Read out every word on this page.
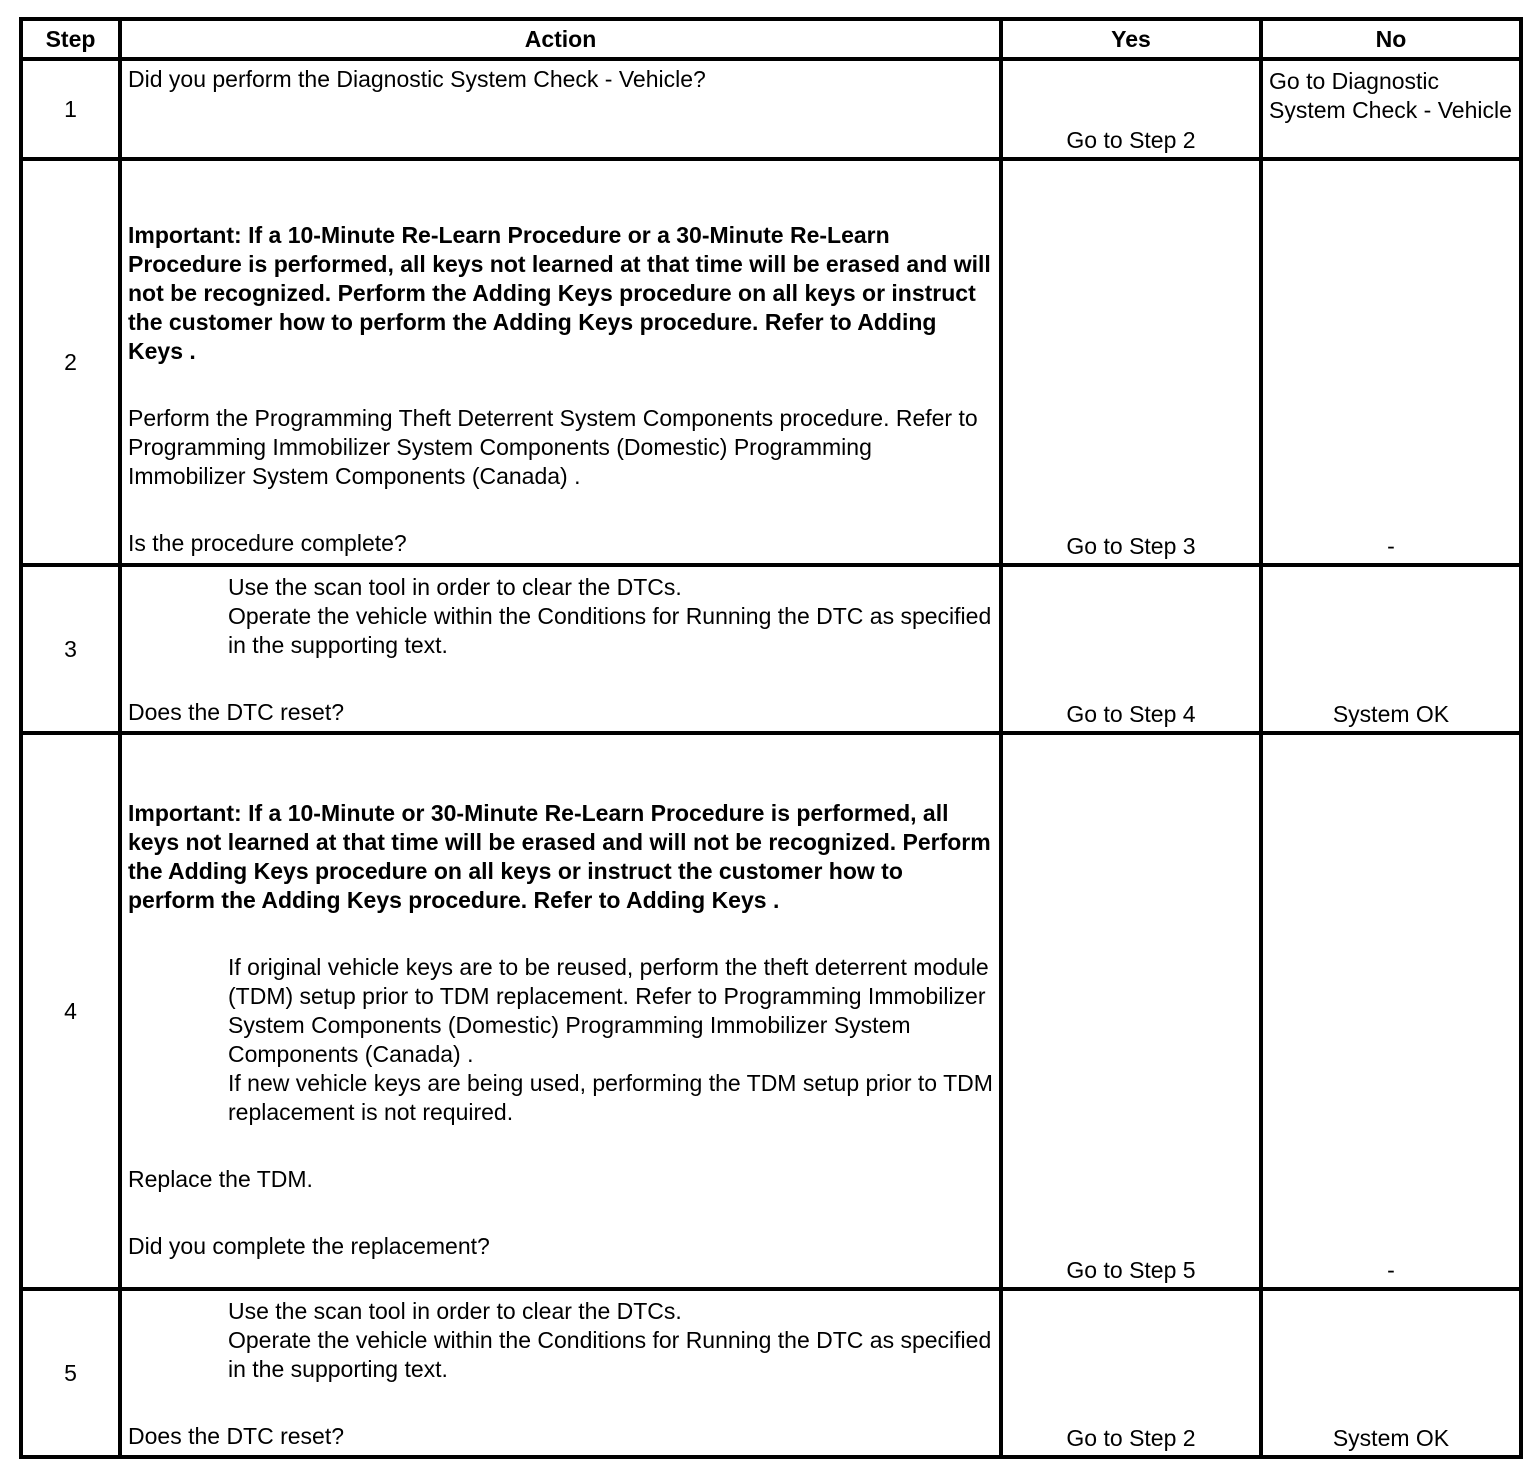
Step	Action	Yes	No
1	Did you perform the Diagnostic System Check - Vehicle?	Go to Step 2	Go to Diagnostic System Check - Vehicle

2	Important: If a 10-Minute Re-Learn Procedure or a 30-Minute Re-Learn Procedure is performed, all keys not learned at that time will be erased and will not be recognized. Perform the Adding Keys procedure on all keys or instruct the customer how to perform the Adding Keys procedure. Refer to Adding Keys .

Perform the Programming Theft Deterrent System Components procedure. Refer to Programming Immobilizer System Components (Domestic) Programming Immobilizer System Components (Canada) .

Is the procedure complete?	Go to Step 3	-

3	Use the scan tool in order to clear the DTCs.

Operate the vehicle within the Conditions for Running the DTC as specified in the supporting text.

Does the DTC reset?	Go to Step 4	System OK

4	Important: If a 10-Minute or 30-Minute Re-Learn Procedure is performed, all keys not learned at that time will be erased and will not be recognized. Perform the Adding Keys procedure on all keys or instruct the customer how to perform the Adding Keys procedure. Refer to Adding Keys .

If original vehicle keys are to be reused, perform the theft deterrent module (TDM) setup prior to TDM replacement. Refer to Programming Immobilizer System Components (Domestic) Programming Immobilizer System Components (Canada) .

If new vehicle keys are being used, performing the TDM setup prior to TDM replacement is not required.

Replace the TDM.

Did you complete the replacement?	Go to Step 5	-

5	Use the scan tool in order to clear the DTCs.

Operate the vehicle within the Conditions for Running the DTC as specified in the supporting text.

Does the DTC reset?	Go to Step 2	System OK
